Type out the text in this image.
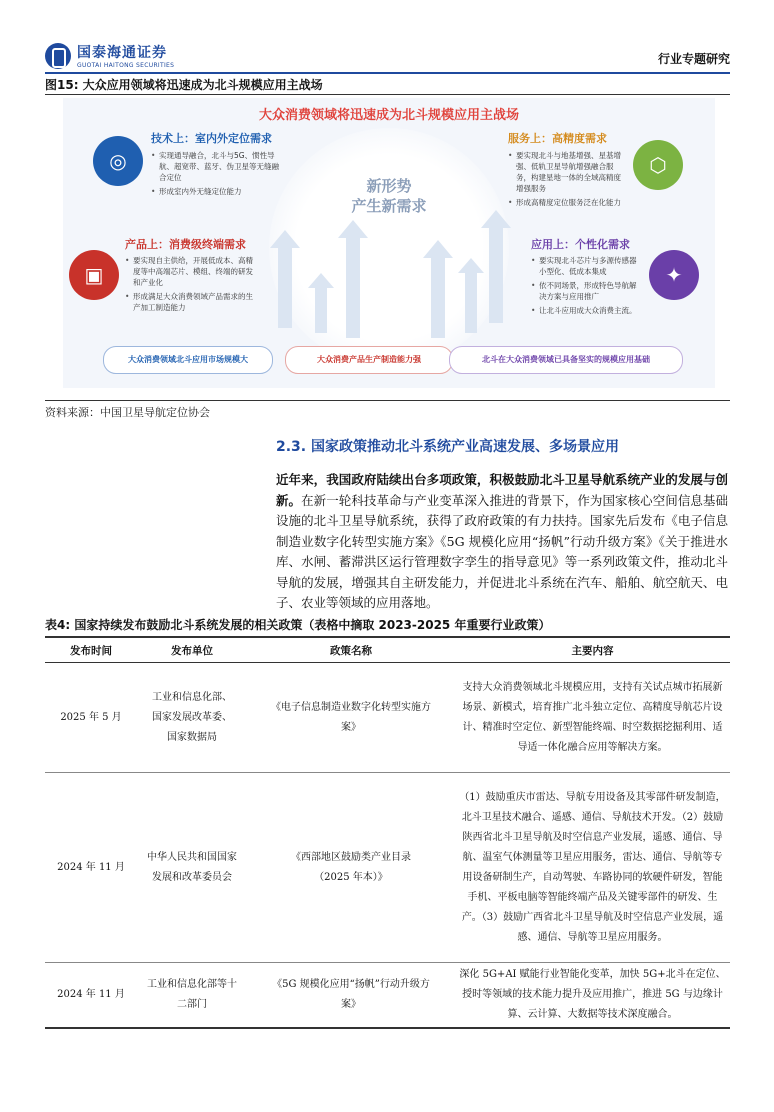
国泰海通证券
GUOTAI HAITONG SECURITIES	行业专题研究
图15: 大众应用领域将迅速成为北斗规模应用主战场
大众消费领域将迅速成为北斗规模应用主战场
新形势
产生新需求
◎
技术上：室内外定位需求
• 实现通导融合，北斗与5G、惯性导航、超宽带、蓝牙、伪卫星等无缝融合定位
• 形成室内外无缝定位能力
⬡
服务上：高精度需求
• 要实现北斗与地基增强、星基增强、低轨卫星导航增强融合服务，构建星地一体的全域高精度增强服务
• 形成高精度定位服务泛在化能力
▣
产品上：消费级终端需求
• 要实现自主供给，开展低成本、高精度等中高端芯片、模组、终端的研发和产业化
• 形成满足大众消费领域产品需求的生产加工制造能力
✦
应用上：个性化需求
• 要实现北斗芯片与多源传感器小型化、低成本集成
• 依不同场景，形成特色导航解决方案与应用推广
• 让北斗应用成大众消费主流。
大众消费领域北斗应用市场规模大	大众消费产品生产制造能力强	北斗在大众消费领域已具备坚实的规模应用基础
资料来源：中国卫星导航定位协会
2.3. 国家政策推动北斗系统产业高速发展、多场景应用

近年来，我国政府陆续出台多项政策，积极鼓励北斗卫星导航系统产业的发展与创新。在新一轮科技革命与产业变革深入推进的背景下，作为国家核心空间信息基础设施的北斗卫星导航系统，获得了政府政策的有力扶持。国家先后发布《电子信息制造业数字化转型实施方案》《5G 规模化应用“扬帆”行动升级方案》《关于推进水库、水闸、蓄滞洪区运行管理数字孪生的指导意见》等一系列政策文件，推动北斗导航的发展，增强其自主研发能力，并促进北斗系统在汽车、船舶、航空航天、电子、农业等领域的应用落地。

表4: 国家持续发布鼓励北斗系统发展的相关政策（表格中摘取 2023-2025 年重要行业政策）
发布时间	发布单位	政策名称	主要内容
2025 年 5 月	工业和信息化部、国家发展改革委、国家数据局	《电子信息制造业数字化转型实施方案》	支持大众消费领域北斗规模应用，支持有关试点城市拓展新场景、新模式，培育推广北斗独立定位、高精度导航芯片设计、精准时空定位、新型智能终端、时空数据挖掘利用、适导适一体化融合应用等解决方案。
2024 年 11 月	中华人民共和国国家发展和改革委员会	《西部地区鼓励类产业目录（2025 年本）》	（1）鼓励重庆市雷达、导航专用设备及其零部件研发制造，北斗卫星技术融合、遥感、通信、导航技术开发。（2）鼓励陕西省北斗卫星导航及时空信息产业发展，遥感、通信、导航、温室气体测量等卫星应用服务，雷达、通信、导航等专用设备研制生产，自动驾驶、车路协同的软硬件研发，智能手机、平板电脑等智能终端产品及关键零部件的研发、生产。（3）鼓励广西省北斗卫星导航及时空信息产业发展，遥感、通信、导航等卫星应用服务。
2024 年 11 月	工业和信息化部等十二部门	《5G 规模化应用“扬帆”行动升级方案》	深化 5G+AI 赋能行业智能化变革，加快 5G+北斗在定位、授时等领域的技术能力提升及应用推广，推进 5G 与边缘计算、云计算、大数据等技术深度融合。
